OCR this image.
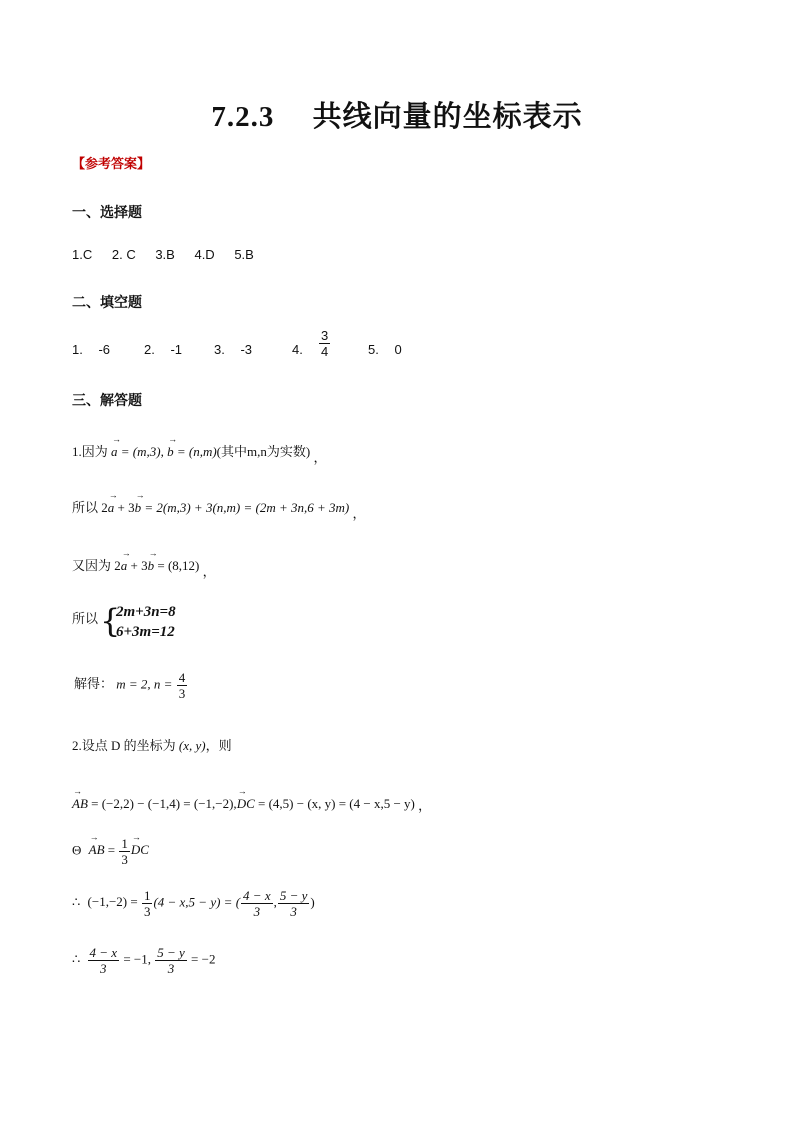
7.2.3　 共线向量的坐标表示
【参考答案】
一、选择题
1.C 2. C 3.B 4.D 5.B
二、填空题
1. -6	2. -1 3. -3	4. $\frac{3}{4}$	5. 0
三、解答题
1.因为 → a = (m,3), → b = (n,m)(其中m,n为实数) ，
所以 2→ a + 3→ b = 2(m,3) + 3(n,m) = (2m + 3n,6 + 3m) ，
又因为 2→ a + 3→ b = (8,12) ，
所以 {
2m+3n=8
6+3m=12
解得： m = 2, $n = \frac{4}{3}$
2.设点 D 的坐标为 (x, y)，则
→ AB = (−2,2) − (−1,4) = (−1,−2),→ DC = (4,5) − (x, y) = (4 − x,5 − y) ，
Θ → AB = $\frac{1}{3}$ → DC
∴ $(-1,-2) = \frac{1}{3} (4 - x,5 - y)$ = ( $\frac{4 - x}{3}$ , $\frac{5 - y}{3}$ )
∴ $\frac{4 - x}{3} = -1$, $\frac{5 - y}{3} = -2$
